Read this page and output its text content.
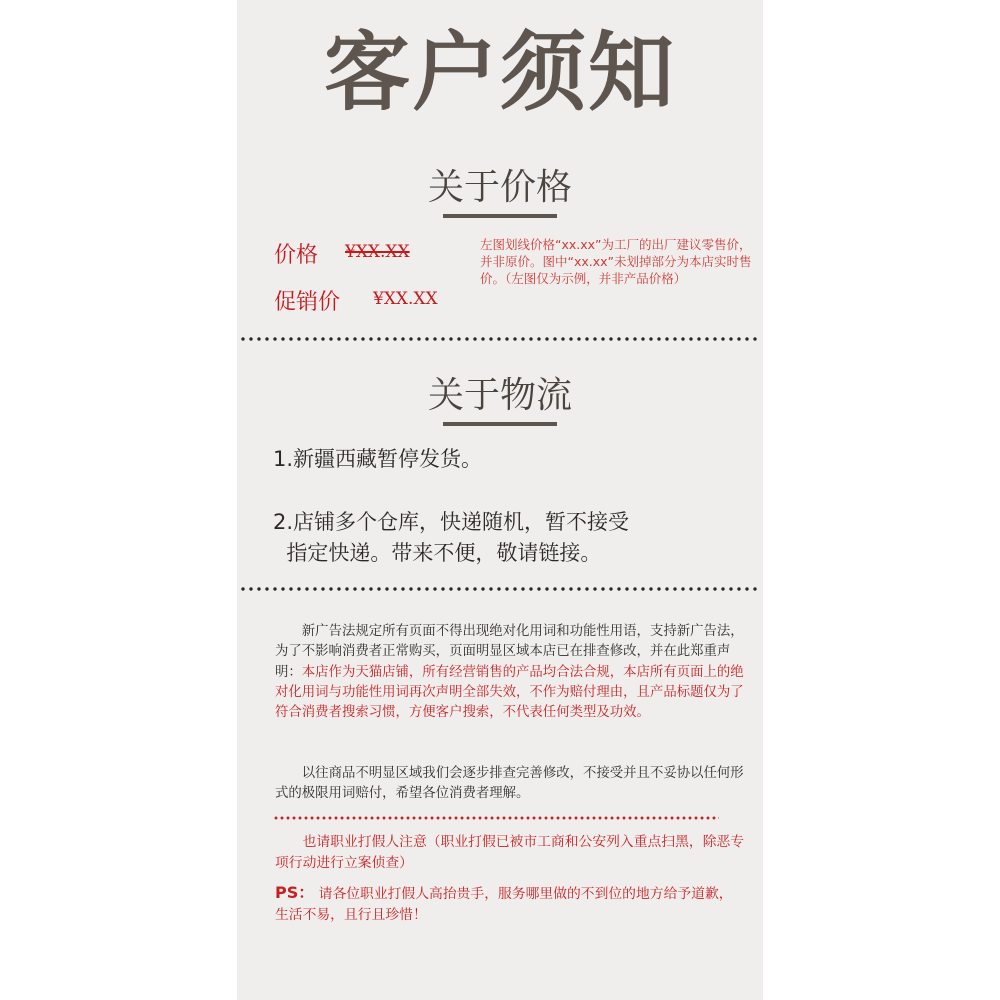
客户须知
关于价格
价格 ¥XX.XX
促销价 ¥XX.XX
左图划线价格“xx.xx”为工厂的出厂建议零售价，并非原价。图中“xx.xx”未划掉部分为本店实时售价。（左图仅为示例，并非产品价格）
关于物流
1.新疆西藏暂停发货。
2.店铺多个仓库，快递随机，暂不接受
指定快递。带来不便，敬请链接。
新广告法规定所有页面不得出现绝对化用词和功能性用语，支持新广告法，为了不影响消费者正常购买，页面明显区域本店已在排查修改，并在此郑重声明：本店作为天猫店铺，所有经营销售的产品均合法合规，本店所有页面上的绝对化用词与功能性用词再次声明全部失效，不作为赔付理由，且产品标题仅为了符合消费者搜索习惯，方便客户搜索，不代表任何类型及功效。
以往商品不明显区域我们会逐步排查完善修改，不接受并且不妥协以任何形式的极限用词赔付，希望各位消费者理解。
也请职业打假人注意（职业打假已被市工商和公安列入重点扫黑，除恶专项行动进行立案侦查）
PS： 请各位职业打假人高抬贵手，服务哪里做的不到位的地方给予道歉，生活不易，且行且珍惜！
